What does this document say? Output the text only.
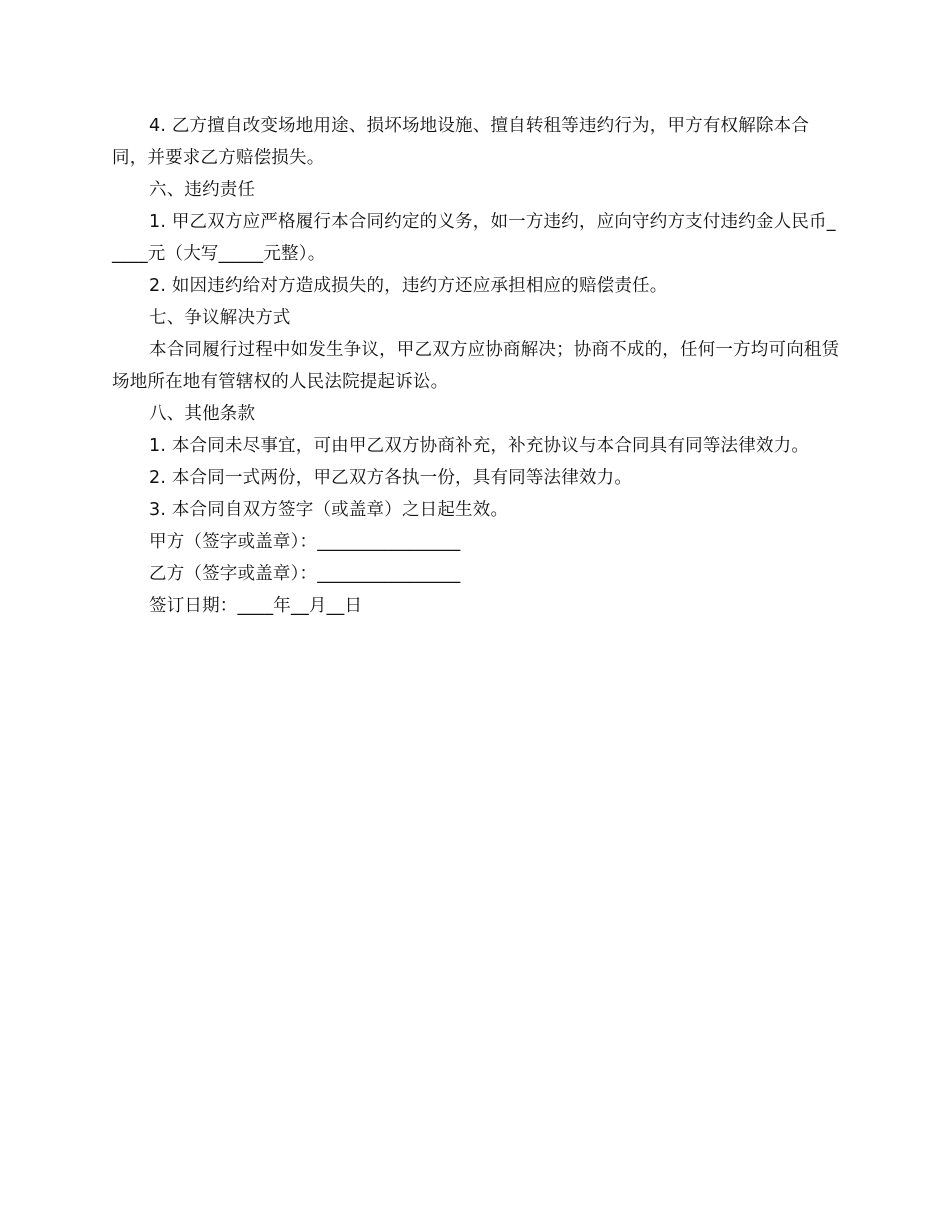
4. 乙方擅自改变场地用途、损坏场地设施、擅自转租等违约行为，甲方有权解除本合同，并要求乙方赔偿损失。

六、违约责任

1. 甲乙双方应严格履行本合同约定的义务，如一方违约，应向守约方支付违约金人民币_____元（大写_____元整）。

2. 如因违约给对方造成损失的，违约方还应承担相应的赔偿责任。

七、争议解决方式

本合同履行过程中如发生争议，甲乙双方应协商解决；协商不成的，任何一方均可向租赁场地所在地有管辖权的人民法院提起诉讼。

八、其他条款

1. 本合同未尽事宜，可由甲乙双方协商补充，补充协议与本合同具有同等法律效力。

2. 本合同一式两份，甲乙双方各执一份，具有同等法律效力。

3. 本合同自双方签字（或盖章）之日起生效。

甲方（签字或盖章）：________________

乙方（签字或盖章）：________________

签订日期：____年__月__日
